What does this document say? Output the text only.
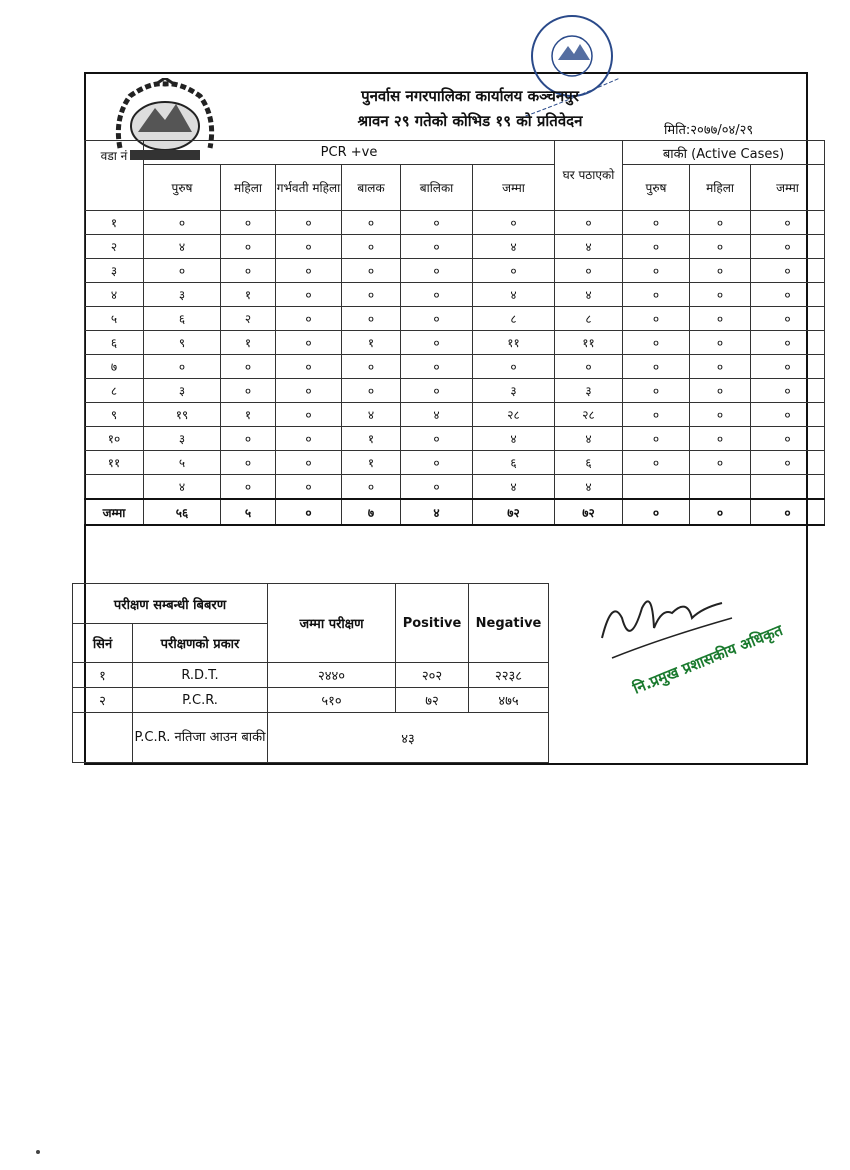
पुनर्वास नगरपालिका कार्यालय कञ्चनपुर
श्रावन २९ गतेको कोभिड १९ को प्रतिवेदन
मिति:२०७७/०४/२९
वडा नं	PCR +ve						घर पठाएको	बाकी (Active Cases)		
	पुरुष	महिला	गर्भवती महिला	बालक	बालिका	जम्मा		पुरुष	महिला	जम्मा
१	०	०	०	०	०	०	०	०	०	०
२	४	०	०	०	०	४	४	०	०	०
३	०	०	०	०	०	०	०	०	०	०
४	३	१	०	०	०	४	४	०	०	०
५	६	२	०	०	०	८	८	०	०	०
६	९	१	०	१	०	११	११	०	०	०
७	०	०	०	०	०	०	०	०	०	०
८	३	०	०	०	०	३	३	०	०	०
९	१९	१	०	४	४	२८	२८	०	०	०
१०	३	०	०	१	०	४	४	०	०	०
११	५	०	०	१	०	६	६	०	०	०
	४	०	०	०	०	४	४			
जम्मा	५६	५	०	७	४	७२	७२	०	०	०
परीक्षण सम्बन्धी बिबरण		जम्मा परीक्षण	Positive	Negative
सिनं	परीक्षणको प्रकार			
१	R.D.T.	२४४०	२०२	२२३८
२	P.C.R.	५१०	७२	४७५
	P.C.R. नतिजा आउन बाकी	४३		
नि.प्रमुख प्रशासकीय अधिकृत
